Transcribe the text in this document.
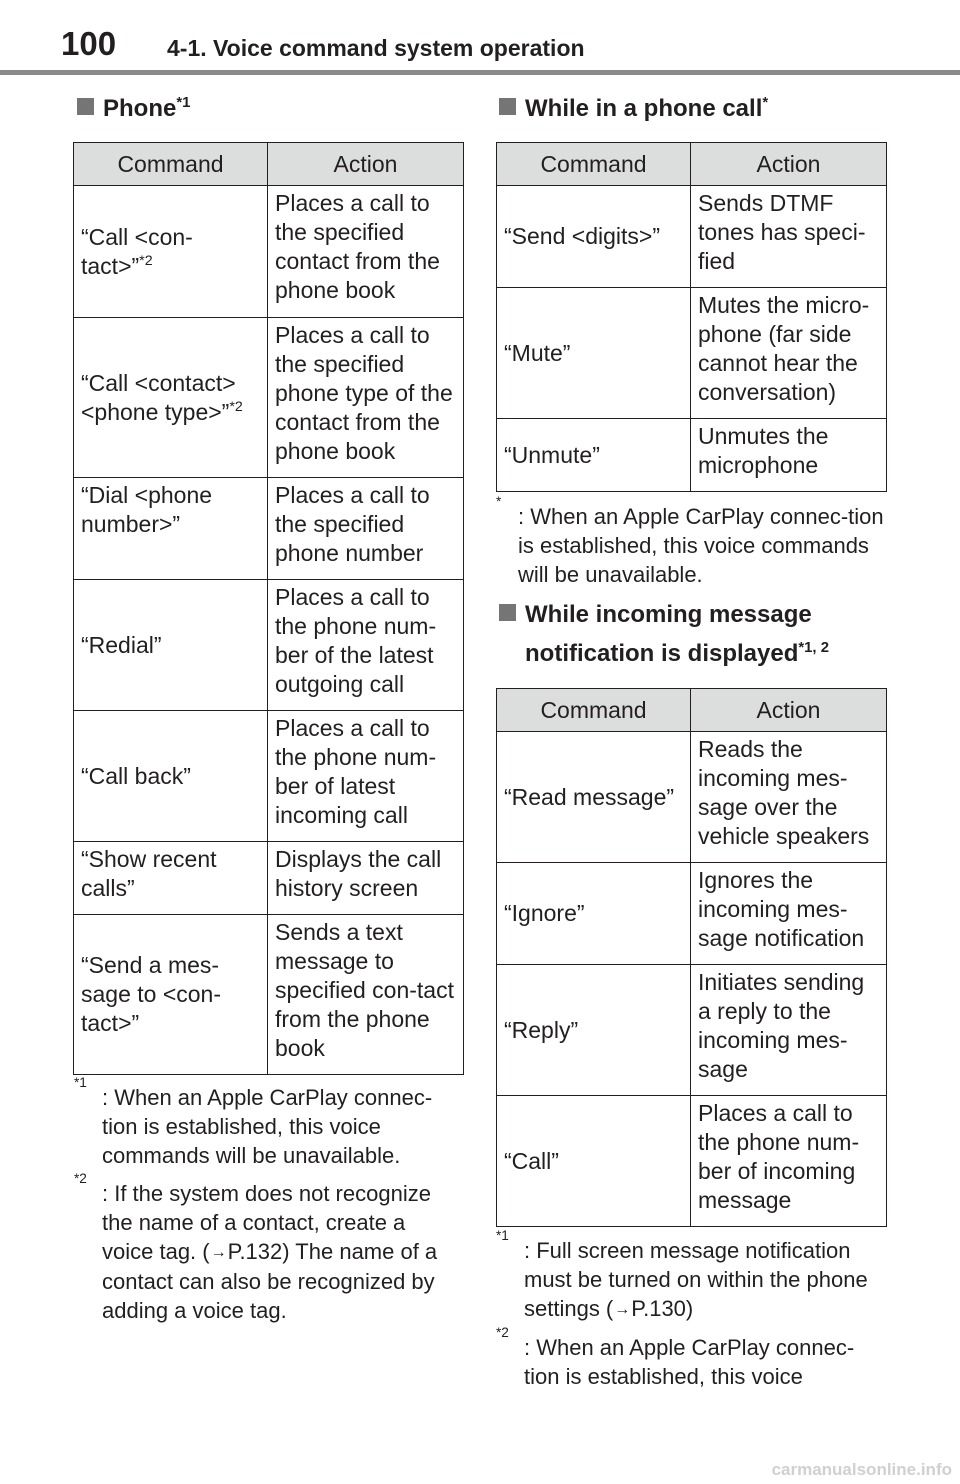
100 4-1. Voice command system operation
Phone$^{*1}$
Command	Action
“Call <con-tact>”$^{*2}$	Places a call to the specified contact from the phone book
“Call <contact> <phone type>”$^{*2}$	Places a call to the specified phone type of the contact from the phone book
“Dial <phone number>”	Places a call to the specified phone number
“Redial”	Places a call to the phone num-ber of the latest outgoing call
“Call back”	Places a call to the phone num-ber of latest incoming call
“Show recent calls”	Displays the call history screen
“Send a mes-sage to <con-tact>”	Sends a text message to specified con-tact from the phone book
*1
: When an Apple CarPlay connec-tion is established, this voice commands will be unavailable.
*2
: If the system does not recognize the name of a contact, create a voice tag. (→P.132) The name of a contact can also be recognized by adding a voice tag.
While in a phone call*
Command	Action
“Send <digits>”	Sends DTMF tones has speci-fied
“Mute”	Mutes the micro-phone (far side cannot hear the conversation)
“Unmute”	Unmutes the microphone
*
: When an Apple CarPlay connec-tion is established, this voice commands will be unavailable.
While incoming message
notification is displayed$^{*1, 2}$
Command	Action
“Read message”	Reads the incoming mes-sage over the vehicle speakers
“Ignore”	Ignores the incoming mes-sage notification
“Reply”	Initiates sending a reply to the incoming mes-sage
“Call”	Places a call to the phone num-ber of incoming message
*1
: Full screen message notification must be turned on within the phone settings (→P.130)
*2
: When an Apple CarPlay connec-tion is established, this voice
carmanualsonline.info
